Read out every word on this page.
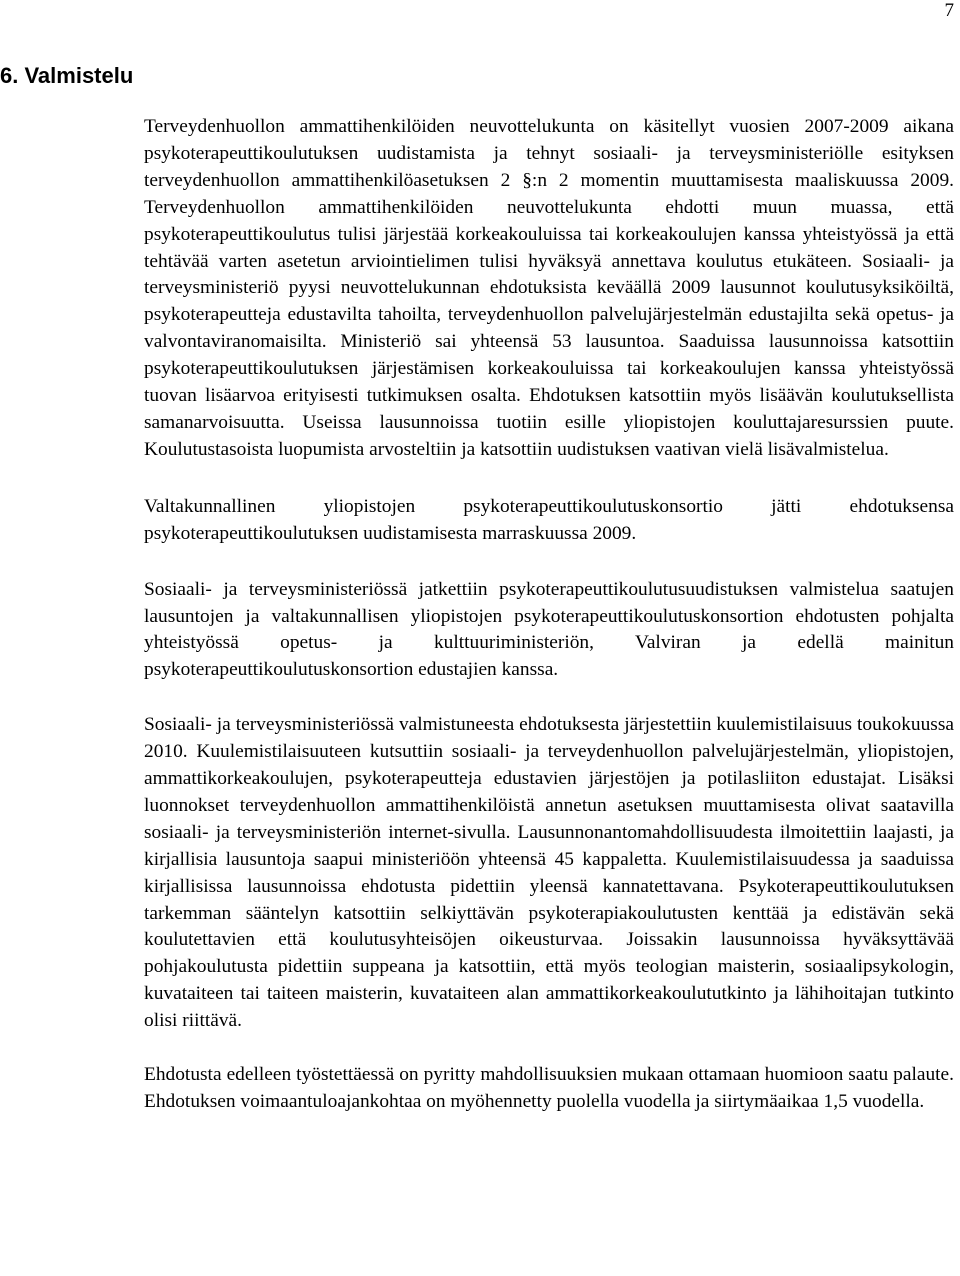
7
6. Valmistelu

Terveydenhuollon ammattihenkilöiden neuvottelukunta on käsitellyt vuosien 2007-2009 aikana psykoterapeuttikoulutuksen uudistamista ja tehnyt sosiaali- ja terveysministeriölle esityksen terveydenhuollon ammattihenkilöasetuksen 2 §:n 2 momentin muuttamisesta maaliskuussa 2009. Terveydenhuollon ammattihenkilöiden neuvottelukunta ehdotti muun muassa, että psykoterapeuttikoulutus tulisi järjestää korkeakouluissa tai korkeakoulujen kanssa yhteistyössä ja että tehtävää varten asetetun arviointielimen tulisi hyväksyä annettava koulutus etukäteen. Sosiaali- ja terveysministeriö pyysi neuvottelukunnan ehdotuksista keväällä 2009 lausunnot koulutusyksiköiltä, psykoterapeutteja edustavilta tahoilta, terveydenhuollon palvelujärjestelmän edustajilta sekä opetus- ja valvontaviranomaisilta. Ministeriö sai yhteensä 53 lausuntoa. Saaduissa lausunnoissa katsottiin psykoterapeuttikoulutuksen järjestämisen korkeakouluissa tai korkeakoulujen kanssa yhteistyössä tuovan lisäarvoa erityisesti tutkimuksen osalta. Ehdotuksen katsottiin myös lisäävän koulutuksellista samanarvoisuutta. Useissa lausunnoissa tuotiin esille yliopistojen kouluttajaresurssien puute. Koulutustasoista luopumista arvosteltiin ja katsottiin uudistuksen vaativan vielä lisävalmistelua.

Valtakunnallinen yliopistojen psykoterapeuttikoulutuskonsortio jätti ehdotuksensa psykoterapeuttikoulutuksen uudistamisesta marraskuussa 2009.

Sosiaali- ja terveysministeriössä jatkettiin psykoterapeuttikoulutusuudistuksen valmistelua saatujen lausuntojen ja valtakunnallisen yliopistojen psykoterapeuttikoulutuskonsortion ehdotusten pohjalta yhteistyössä opetus- ja kulttuuriministeriön, Valviran ja edellä mainitun psykoterapeuttikoulutuskonsortion edustajien kanssa.

Sosiaali- ja terveysministeriössä valmistuneesta ehdotuksesta järjestettiin kuulemistilaisuus toukokuussa 2010. Kuulemistilaisuuteen kutsuttiin sosiaali- ja terveydenhuollon palvelujärjestelmän, yliopistojen, ammattikorkeakoulujen, psykoterapeutteja edustavien järjestöjen ja potilasliiton edustajat. Lisäksi luonnokset terveydenhuollon ammattihenkilöistä annetun asetuksen muuttamisesta olivat saatavilla sosiaali- ja terveysministeriön internet-sivulla. Lausunnonantomahdollisuudesta ilmoitettiin laajasti, ja kirjallisia lausuntoja saapui ministeriöön yhteensä 45 kappaletta. Kuulemistilaisuudessa ja saaduissa kirjallisissa lausunnoissa ehdotusta pidettiin yleensä kannatettavana. Psykoterapeuttikoulutuksen tarkemman sääntelyn katsottiin selkiyttävän psykoterapiakoulutusten kenttää ja edistävän sekä koulutettavien että koulutusyhteisöjen oikeusturvaa. Joissakin lausunnoissa hyväksyttävää pohjakoulutusta pidettiin suppeana ja katsottiin, että myös teologian maisterin, sosiaalipsykologin, kuvataiteen tai taiteen maisterin, kuvataiteen alan ammattikorkeakoulututkinto ja lähihoitajan tutkinto olisi riittävä.

Ehdotusta edelleen työstettäessä on pyritty mahdollisuuksien mukaan ottamaan huomioon saatu palaute. Ehdotuksen voimaantuloajankohtaa on myöhennetty puolella vuodella ja siirtymäaikaa 1,5 vuodella.
